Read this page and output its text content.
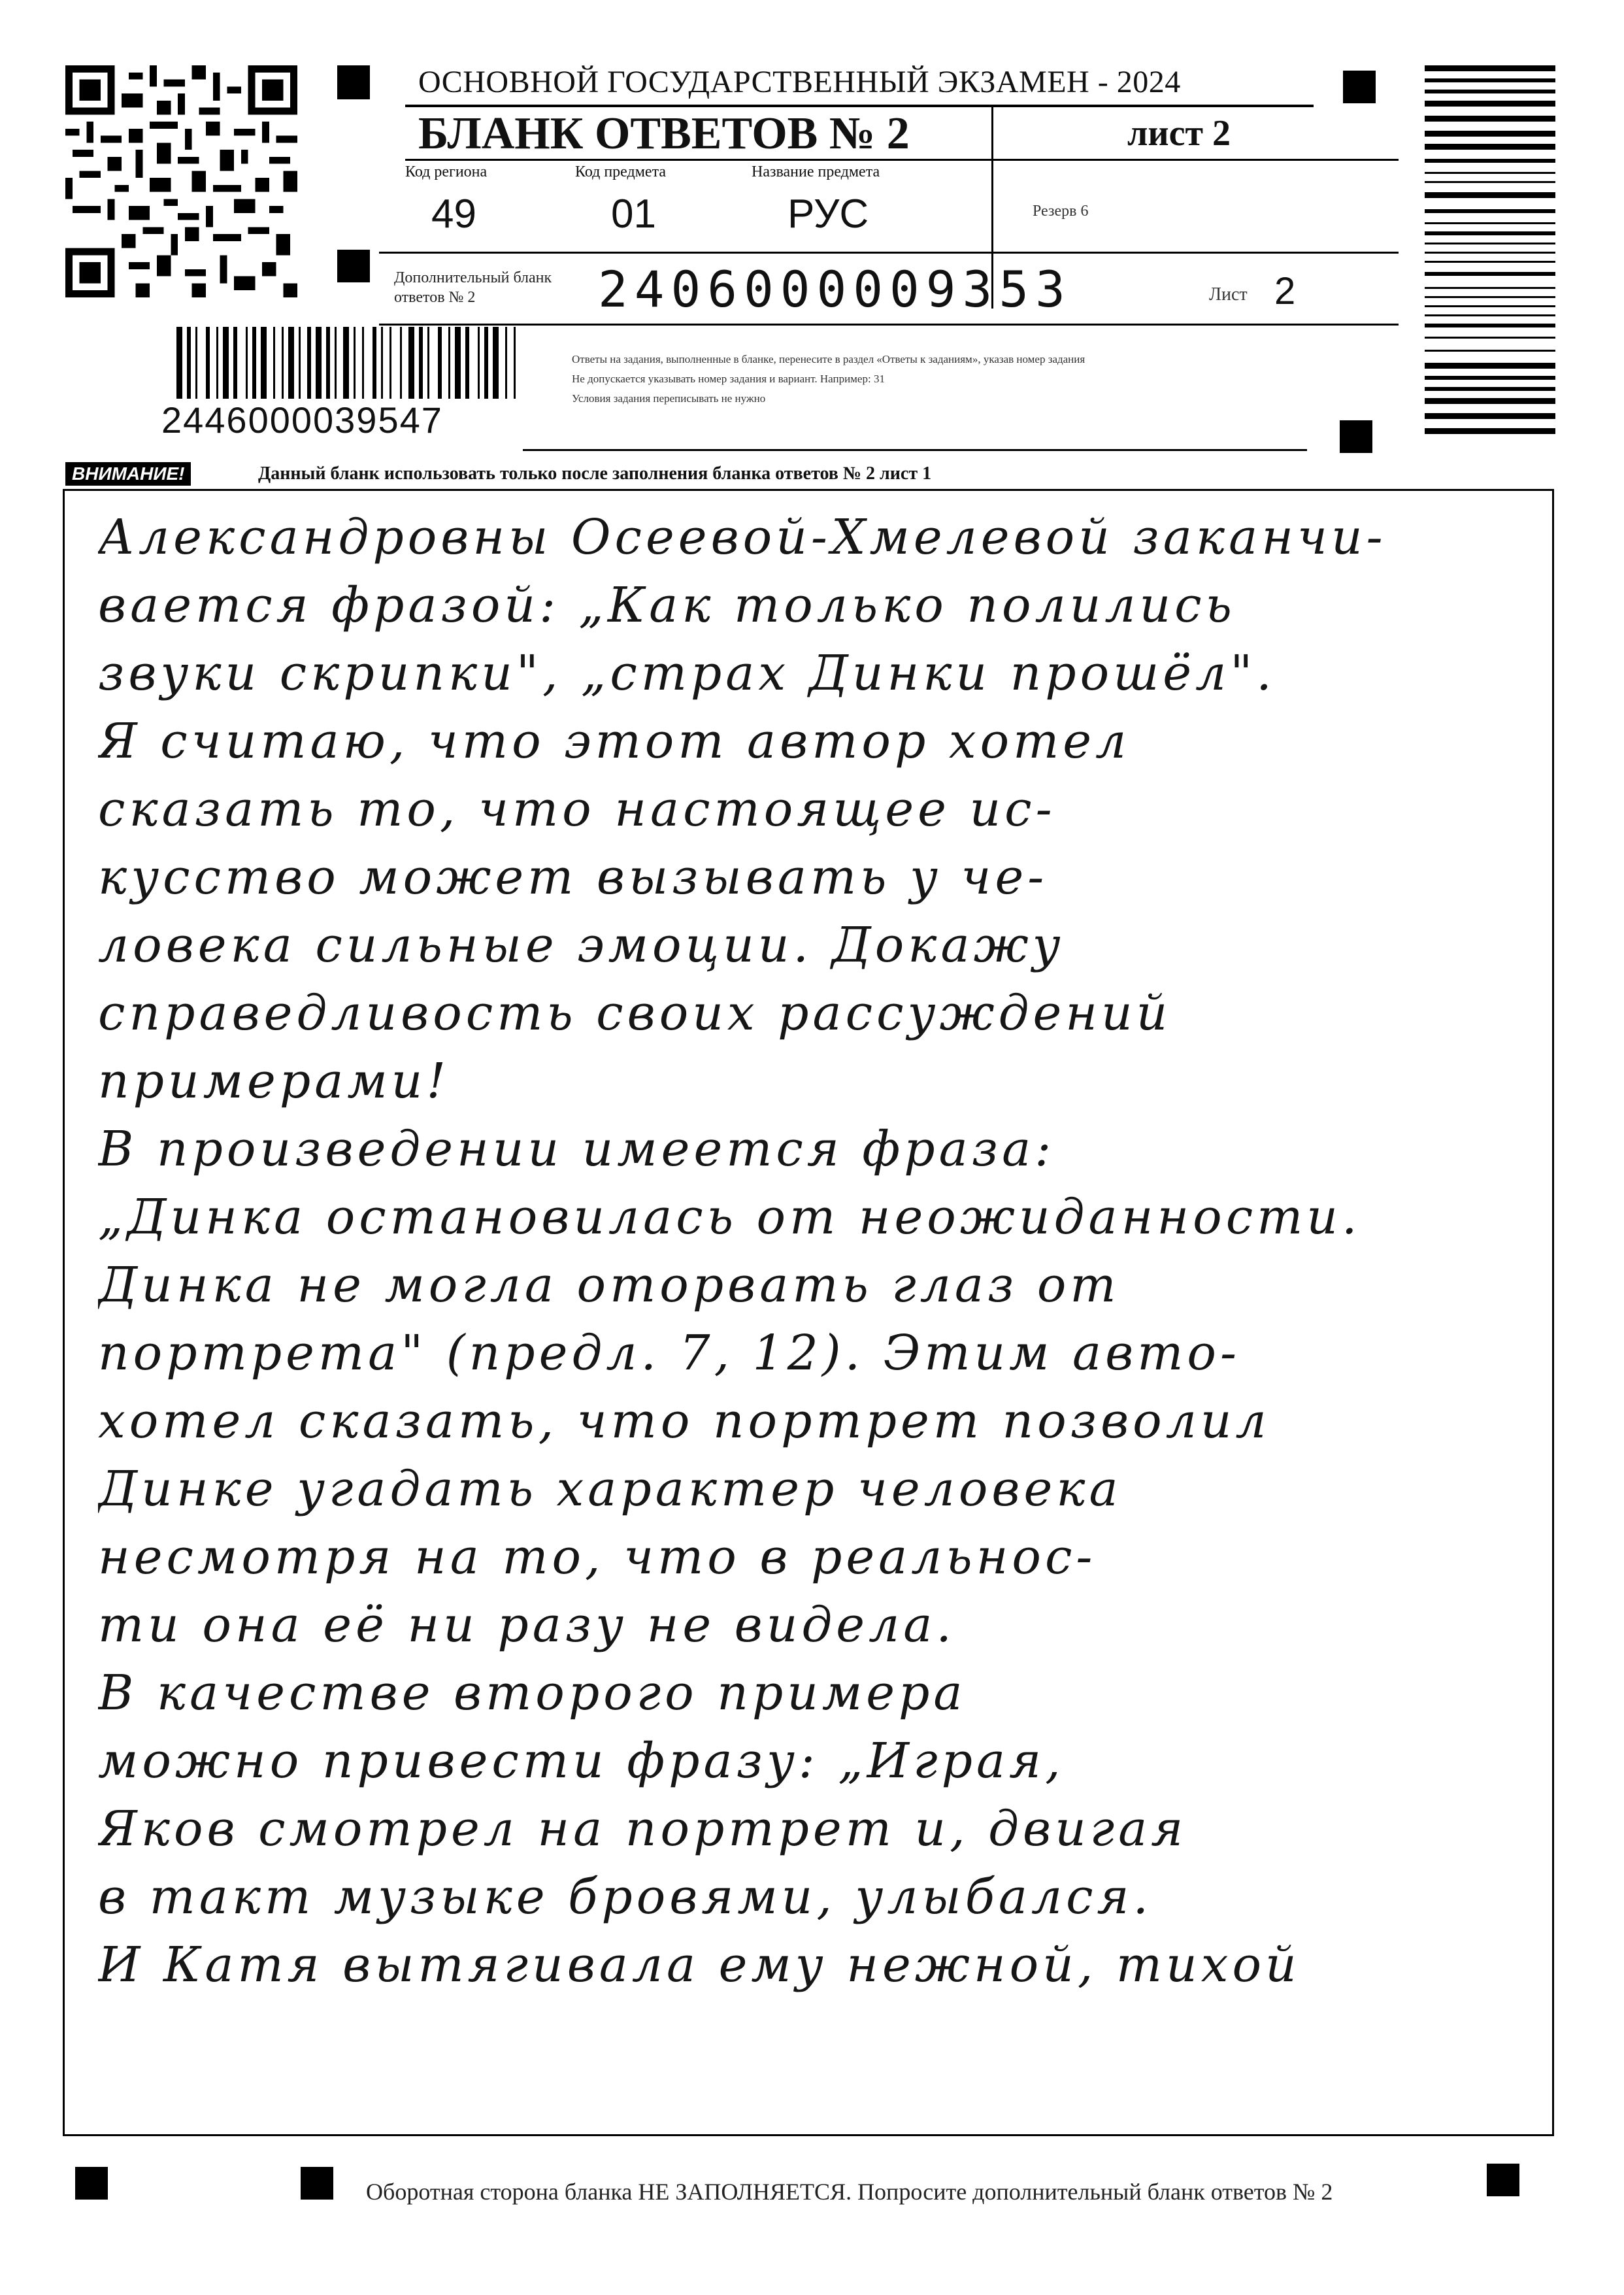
ОСНОВНОЙ ГОСУДАРСТВЕННЫЙ ЭКЗАМЕН - 2024
БЛАНК ОТВЕТОВ № 2	лист 2
Код региона
49
Код предмета
01
Название предмета
РУС	Резерв 6
Дополнительный бланк ответов № 2	2406000009353	Лист 2
2446000039547
Ответы на задания, выполненные в бланке, перенесите в раздел «Ответы к заданиям», указав номер задания
Не допускается указывать номер задания и вариант. Например: 31
Условия задания переписывать не нужно
ВНИМАНИЕ!	Данный бланк использовать только после заполнения бланка ответов № 2 лист 1
Александровны Осеевой-Хмелевой заканчи-
вается фразой: „Как только полились
звуки скрипки", „страх Динки прошёл".
Я считаю, что этот автор хотел
сказать то, что настоящее ис-
кусство может вызывать у че-
ловека сильные эмоции. Докажу
справедливость своих рассуждений
примерами!
В произведении имеется фраза:
„Динка остановилась от неожиданности.
Динка не могла оторвать глаз от
портрета" (предл. 7, 12). Этим авто-
хотел сказать, что портрет позволил
Динке угадать характер человека
несмотря на то, что в реальнос-
ти она её ни разу не видела.
В качестве второго примера
можно привести фразу: „Играя,
Яков смотрел на портрет и, двигая
в такт музыке бровями, улыбался.
И Катя вытягивала ему нежной, тихой
Оборотная сторона бланка НЕ ЗАПОЛНЯЕТСЯ. Попросите дополнительный бланк ответов № 2
